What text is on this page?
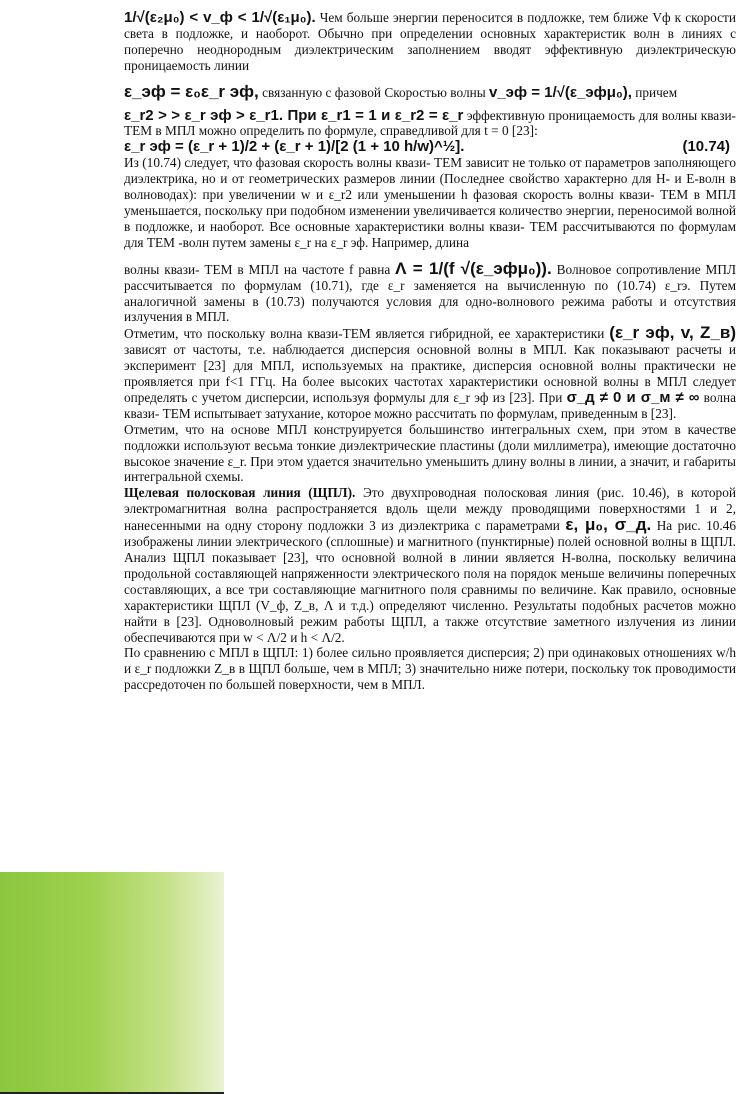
1/√(ε₂μ₀) < v_ф < 1/√(ε₁μ₀). Чем больше энергии переносится в подложке, тем ближе Vф к скорости света в подложке, и наоборот. Обычно при определении основных характеристик волн в линиях с поперечно неоднородным диэлектрическим заполнением вводят эффективную диэлектрическую проницаемость линии

ε_эф = ε₀ε_r эф, связанную с фазовой Скоростью волны v_эф = 1/√(ε_эфμ₀), причем

ε_r2 > > ε_r эф > ε_r1. При ε_r1 = 1 и ε_r2 = ε_r эффективную проницаемость для волны квази- ТЕМ в МПЛ можно определить по формуле, справедливой для t = 0 [23]:

ε_r эф = (ε_r + 1)/2 + (ε_r + 1)/[2 (1 + 10 h/w)^½].	(10.74)

Из (10.74) следует, что фазовая скорость волны квази- ТЕМ зависит не только от параметров заполняющего диэлектрика, но и от геометрических размеров линии (Последнее свойство характерно для Н- и Е-волн в волноводах): при увеличении w и ε_r2 или уменьшении h фазовая скорость волны квази- ТЕМ в МПЛ уменьшается, поскольку при подобном изменении увеличивается количество энергии, переносимой волной в подложке, и наоборот. Все основные характеристики волны квази- ТЕМ рассчитываются по формулам для ТЕМ -волн путем замены ε_r на ε_r эф. Например, длина

волны квази- ТЕМ в МПЛ на частоте f равна Λ = 1/(f √(ε_эфμ₀)). Волновое сопротивление МПЛ рассчитывается по формулам (10.71), где ε_r заменяется на вычисленную по (10.74) ε_rэ. Путем аналогичной замены в (10.73) получаются условия для одно-волнового режима работы и отсутствия излучения в МПЛ.

Отметим, что поскольку волна квази-ТЕМ является гибридной, ее характеристики (ε_r эф, v, Z_в) зависят от частоты, т.е. наблюдается дисперсия основной волны в МПЛ. Как показывают расчеты и эксперимент [23] для МПЛ, используемых на практике, дисперсия основной волны практически не проявляется при f<1 ГГц. На более высоких частотах характеристики основной волны в МПЛ следует определять с учетом дисперсии, используя формулы для ε_r эф из [23]. При σ_д ≠ 0 и σ_м ≠ ∞ волна квази- ТЕМ испытывает затухание, которое можно рассчитать по формулам, приведенным в [23].

Отметим, что на основе МПЛ конструируется большинство интегральных схем, при этом в качестве подложки используют весьма тонкие диэлектрические пластины (доли миллиметра), имеющие достаточно высокое значение ε_r. При этом удается значительно уменьшить длину волны в линии, а значит, и габариты интегральной схемы.

Щелевая полосковая линия (ЩПЛ). Это двухпроводная полосковая линия (рис. 10.46), в которой электромагнитная волна распространяется вдоль щели между проводящими поверхностями 1 и 2, нанесенными на одну сторону подложки 3 из диэлектрика с параметрами ε, μ₀, σ_д. На рис. 10.46 изображены линии электрического (сплошные) и магнитного (пунктирные) полей основной волны в ЩПЛ. Анализ ЩПЛ показывает [23], что основной волной в линии является Н-волна, поскольку величина продольной составляющей напряженности электрического поля на порядок меньше величины поперечных составляющих, а все три составляющие магнитного поля сравнимы по величине. Как правило, основные характеристики ЩПЛ (V_ф, Z_в, Λ и т.д.) определяют численно. Результаты подобных расчетов можно найти в [23]. Одноволновый режим работы ЩПЛ, а также отсутствие заметного излучения из линии обеспечиваются при w < Λ/2 и h < Λ/2.

По сравнению с МПЛ в ЩПЛ: 1) более сильно проявляется дисперсия; 2) при одинаковых отношениях w/h и ε_r подложки Z_в в ЩПЛ больше, чем в МПЛ; 3) значительно ниже потери, поскольку ток проводимости рассредоточен по большей поверхности, чем в МПЛ.
